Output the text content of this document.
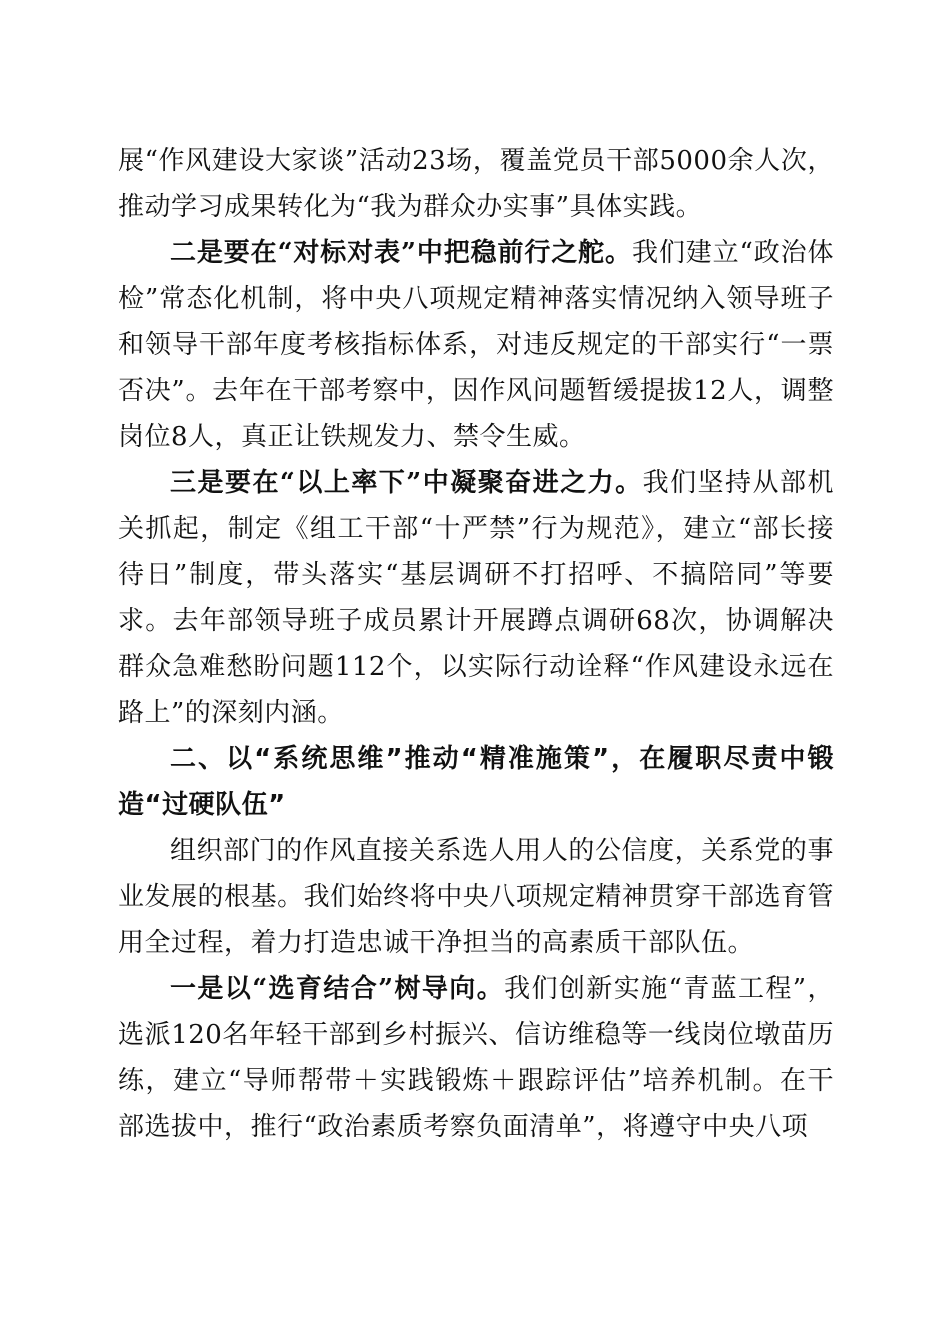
展“作风建设大家谈”活动23场，覆盖党员干部5000余人次，推动学习成果转化为“我为群众办实事”具体实践。

二是要在“对标对表”中把稳前行之舵。我们建立“政治体检”常态化机制，将中央八项规定精神落实情况纳入领导班子和领导干部年度考核指标体系，对违反规定的干部实行“一票否决”。去年在干部考察中，因作风问题暂缓提拔12人，调整岗位8人，真正让铁规发力、禁令生威。

三是要在“以上率下”中凝聚奋进之力。我们坚持从部机关抓起，制定《组工干部“十严禁”行为规范》，建立“部长接待日”制度，带头落实“基层调研不打招呼、不搞陪同”等要求。去年部领导班子成员累计开展蹲点调研68次，协调解决群众急难愁盼问题112个，以实际行动诠释“作风建设永远在路上”的深刻内涵。

二、以“系统思维”推动“精准施策”，在履职尽责中锻造“过硬队伍”

组织部门的作风直接关系选人用人的公信度，关系党的事业发展的根基。我们始终将中央八项规定精神贯穿干部选育管用全过程，着力打造忠诚干净担当的高素质干部队伍。

一是以“选育结合”树导向。我们创新实施“青蓝工程”，选派120名年轻干部到乡村振兴、信访维稳等一线岗位墩苗历练，建立“导师帮带＋实践锻炼＋跟踪评估”培养机制。在干部选拔中，推行“政治素质考察负面清单”，将遵守中央八项
